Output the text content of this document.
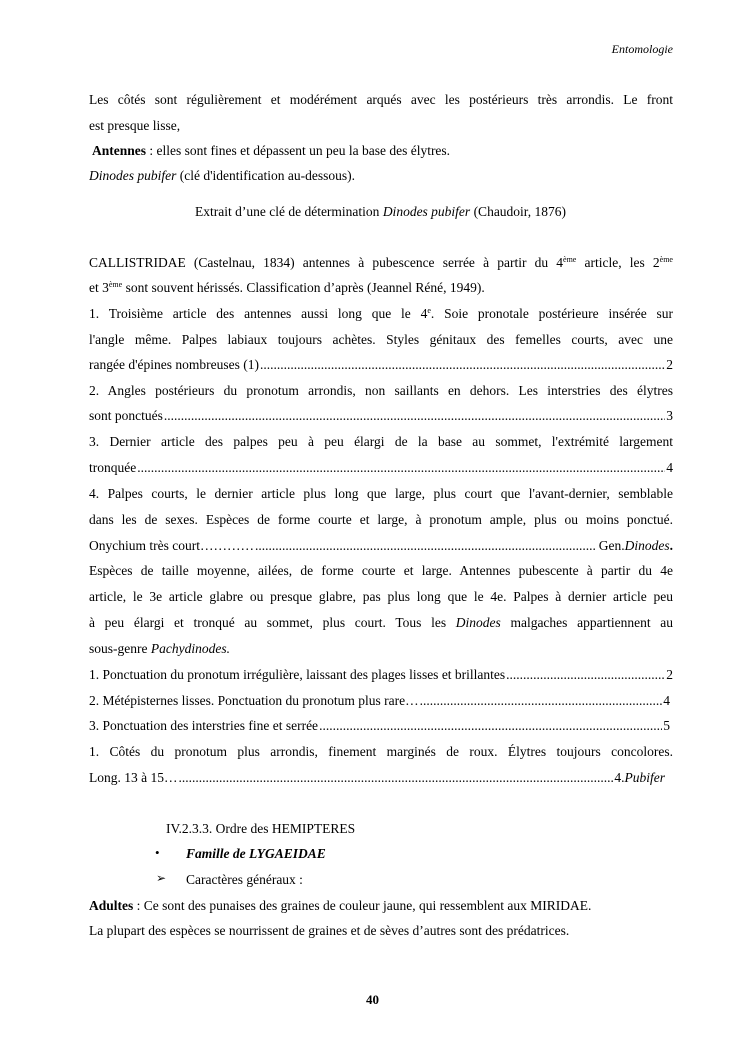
Entomologie
Les côtés sont régulièrement et modérément arqués avec les postérieurs très arrondis. Le front
est presque lisse,
Antennes : elles sont fines et dépassent un peu la base des élytres.
Dinodes pubifer (clé d'identification au-dessous).
Extrait d’une clé de détermination Dinodes pubifer (Chaudoir, 1876)
CALLISTRIDAE (Castelnau, 1834) antennes à pubescence serrée à partir du 4ème article, les 2ème
et 3ème sont souvent hérissés. Classification d’après (Jeannel Réné, 1949).
1. Troisième article des antennes aussi long que le 4e. Soie pronotale postérieure insérée sur
l'angle même. Palpes labiaux toujours achètes. Styles génitaux des femelles courts, avec une
rangée d'épines nombreuses (1) .....	2
2. Angles postérieurs du pronotum arrondis, non saillants en dehors. Les interstries des élytres
sont ponctués .....	3
3. Dernier article des palpes peu à peu élargi de la base au sommet, l'extrémité largement
tronquée .....	4
4. Palpes courts, le dernier article plus long que large, plus court que l'avant-dernier, semblable
dans les de sexes. Espèces de forme courte et large, à pronotum ample, plus ou moins ponctué.
Onychium très court………… .....	Gen. Dinodes .
Espèces de taille moyenne, ailées, de forme courte et large. Antennes pubescente à partir du 4e
article, le 3e article glabre ou presque glabre, pas plus long que le 4e. Palpes à dernier article peu
à peu élargi et tronqué au sommet, plus court. Tous les Dinodes malgaches appartiennent au
sous-genre Pachydinodes.
1. Ponctuation du pronotum irrégulière, laissant des plages lisses et brillantes .....	2
2. Métépisternes lisses. Ponctuation du pronotum plus rare… .....	4
3. Ponctuation des interstries fine et serrée .....	5
1. Côtés du pronotum plus arrondis, finement marginés de roux. Élytres toujours concolores.
Long. 13 à 15… .....	4. Pubifer
IV.2.3.3. Ordre des HEMIPTERES
• Famille de LYGAEIDAE
➢ Caractères généraux :
Adultes : Ce sont des punaises des graines de couleur jaune, qui ressemblent aux MIRIDAE.
La plupart des espèces se nourrissent de graines et de sèves d’autres sont des prédatrices.
40
